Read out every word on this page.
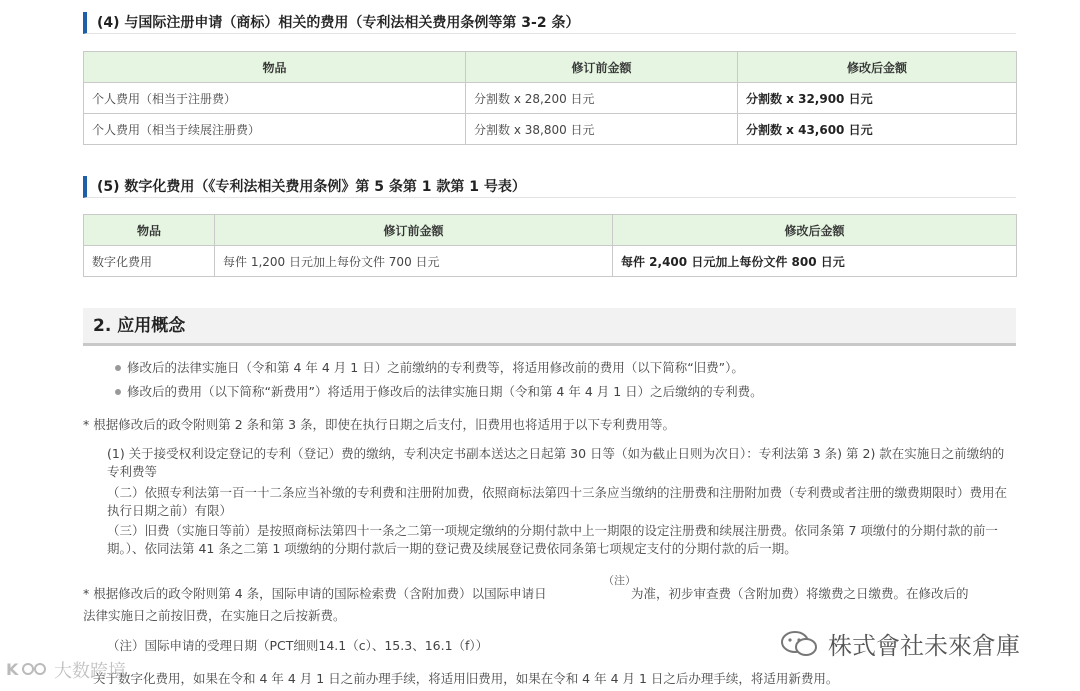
(4) 与国际注册申请（商标）相关的费用（专利法相关费用条例等第 3-2 条）
物品	修订前金额	修改后金额
个人费用（相当于注册费）	分割数 x 28,200 日元	分割数 x 32,900 日元
个人费用（相当于续展注册费）	分割数 x 38,800 日元	分割数 x 43,600 日元
(5) 数字化费用（《专利法相关费用条例》第 5 条第 1 款第 1 号表）
物品	修订前金额	修改后金额
数字化费用	每件 1,200 日元加上每份文件 700 日元	每件 2,400 日元加上每份文件 800 日元
2. 应用概念
修改后的法律实施日（令和第 4 年 4 月 1 日）之前缴纳的专利费等，将适用修改前的费用（以下简称“旧费”）。
修改后的费用（以下简称“新费用”）将适用于修改后的法律实施日期（令和第 4 年 4 月 1 日）之后缴纳的专利费。
* 根据修改后的政令附则第 2 条和第 3 条，即使在执行日期之后支付，旧费用也将适用于以下专利费用等。
(1) 关于接受权利设定登记的专利（登记）费的缴纳，专利决定书副本送达之日起第 30 日等（如为截止日则为次日）：专利法第 3 条) 第 2) 款在实施日之前缴纳的专利费等
（二）依照专利法第一百一十二条应当补缴的专利费和注册附加费，依照商标法第四十三条应当缴纳的注册费和注册附加费（专利费或者注册的缴费期限时）费用在执行日期之前）有限）
（三）旧费（实施日等前）是按照商标法第四十一条之二第一项规定缴纳的分期付款中上一期限的设定注册费和续展注册费。依同条第 7 项缴付的分期付款的前一期。）、依同法第 41 条之二第 1 项缴纳的分期付款后一期的登记费及续展登记费依同条第七项规定支付的分期付款的后一期。
（注）
* 根据修改后的政令附则第 4 条，国际申请的国际检索费（含附加费）以国际申请日	为准，初步审查费（含附加费）将缴费之日缴费。在修改后的
法律实施日之前按旧费，在实施日之后按新费。
（注）国际申请的受理日期（PCT细则14.1（c）、15.3、16.1（f））
关于数字化费用，如果在令和 4 年 4 月 1 日之前办理手续，将适用旧费用，如果在令和 4 年 4 月 1 日之后办理手续，将适用新费用。
株式會社未來倉庫
K 大数跨境
